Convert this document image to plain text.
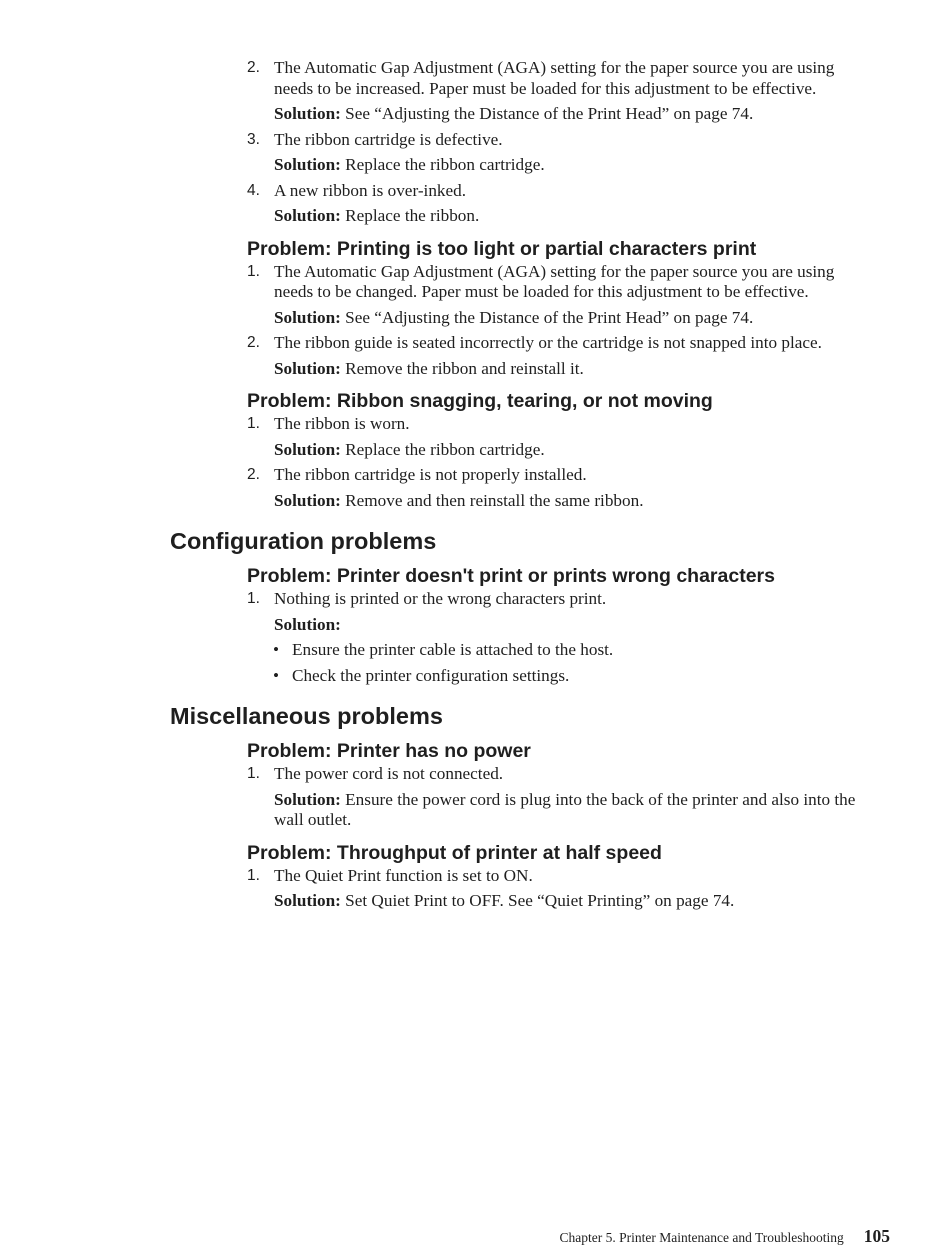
2. The Automatic Gap Adjustment (AGA) setting for the paper source you are using needs to be increased. Paper must be loaded for this adjustment to be effective.
Solution: See “Adjusting the Distance of the Print Head” on page 74.
3. The ribbon cartridge is defective.
Solution: Replace the ribbon cartridge.
4. A new ribbon is over-inked.
Solution: Replace the ribbon.
Problem: Printing is too light or partial characters print
1. The Automatic Gap Adjustment (AGA) setting for the paper source you are using needs to be changed. Paper must be loaded for this adjustment to be effective.
Solution: See “Adjusting the Distance of the Print Head” on page 74.
2. The ribbon guide is seated incorrectly or the cartridge is not snapped into place.
Solution: Remove the ribbon and reinstall it.
Problem: Ribbon snagging, tearing, or not moving
1. The ribbon is worn.
Solution: Replace the ribbon cartridge.
2. The ribbon cartridge is not properly installed.
Solution: Remove and then reinstall the same ribbon.
Configuration problems
Problem: Printer doesn't print or prints wrong characters
1. Nothing is printed or the wrong characters print.
Solution:
• Ensure the printer cable is attached to the host.
• Check the printer configuration settings.
Miscellaneous problems
Problem: Printer has no power
1. The power cord is not connected.
Solution: Ensure the power cord is plug into the back of the printer and also into the wall outlet.
Problem: Throughput of printer at half speed
1. The Quiet Print function is set to ON.
Solution: Set Quiet Print to OFF. See “Quiet Printing” on page 74.
Chapter 5. Printer Maintenance and Troubleshooting 105
